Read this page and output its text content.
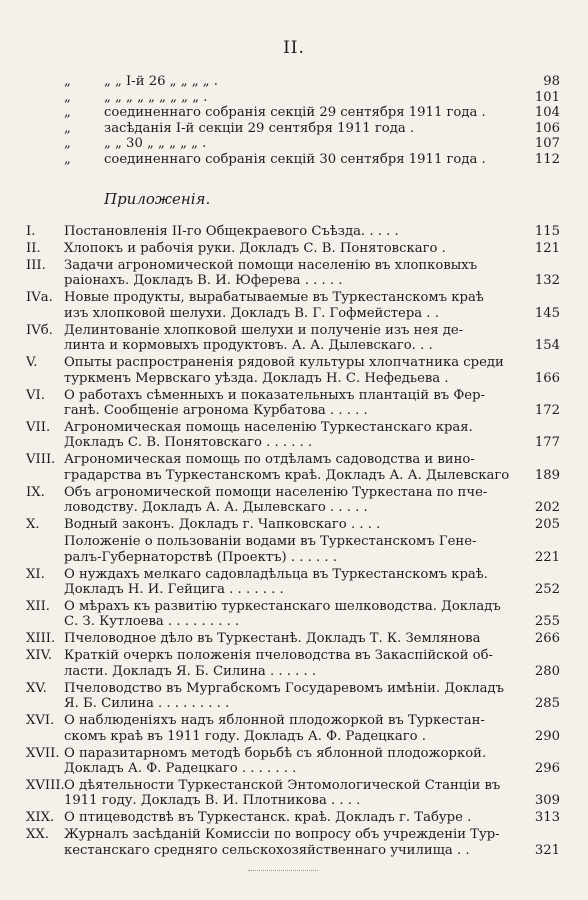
II.
„	„ „ I-й 26 „ „ „ „ .	98
„	„ „ „ „ „ „ „ „ „ .	101
„	соединеннаго собранія секцій 29 сентября 1911 года .	104
„	засѣданія I-й секціи 29 сентября 1911 года .	106
„	„ „ 30 „ „ „ „ „ .	107
„	соединеннаго собранія секцій 30 сентября 1911 года .	112
Приложенія.
I. Постановленія II-го Общекраевого Съѣзда. . . . .	115
II. Хлопокъ и рабочія руки. Докладъ С. В. Понятовскаго .	121
III. Задачи агрономической помощи населенію въ хлопковыхъ
раіонахъ. Докладъ В. И. Юферева . . . . .	132
IVа. Новые продукты, вырабатываемые въ Туркестанскомъ краѣ
изъ хлопковой шелухи. Докладъ В. Г. Гофмейстера . .	145
IVб. Делинтованіе хлопковой шелухи и полученіе изъ нея де-
линта и кормовыхъ продуктовъ. А. А. Дылевскаго. . .	154
V. Опыты распространенія рядовой культуры хлопчатника среди
туркменъ Мервскаго уѣзда. Докладъ Н. С. Нефедьева .	166
VI. О работахъ сѣменныхъ и показательныхъ плантацій въ Фер-
ганѣ. Сообщеніе агронома Курбатова . . . . .	172
VII. Агрономическая помощь населенію Туркестанскаго края.
Докладъ С. В. Понятовскаго . . . . . .	177
VIII. Агрономическая помощь по отдѣламъ садоводства и вино-
градарства въ Туркестанскомъ краѣ. Докладъ А. А. Дылевскаго 189
IX. Объ агрономической помощи населенію Туркестана по пче-
ловодству. Докладъ А. А. Дылевскаго . . . . .	202
X. Водный законъ. Докладъ г. Чапковскаго . . . .	205
Положеніе о пользованіи водами въ Туркестанскомъ Гене-
ралъ-Губернаторствѣ (Проектъ) . . . . . .	221
XI. О нуждахъ мелкаго садовладѣльца въ Туркестанскомъ краѣ.
Докладъ Н. И. Гейцига . . . . . . .	252
XII. О мѣрахъ къ развитію туркестанскаго шелководства. Докладъ
С. З. Кутлоева . . . . . . . . .	255
XIII. Пчеловодное дѣло въ Туркестанѣ. Докладъ Т. К. Землянова	266
XIV. Краткій очеркъ положенія пчеловодства въ Закаспійской об-
ласти. Докладъ Я. Б. Силина . . . . . .	280
XV. Пчеловодство въ Мургабскомъ Государевомъ имѣніи. Докладъ
Я. Б. Силина . . . . . . . . .	285
XVI. О наблюденіяхъ надъ яблонной плодожоркой въ Туркестан-
скомъ краѣ въ 1911 году. Докладъ А. Ф. Радецкаго .	290
XVII. О паразитарномъ методѣ борьбѣ съ яблонной плодожоркой.
Докладъ А. Ф. Радецкаго . . . . . . .	296
XVIII. О дѣятельности Туркестанской Энтомологической Станціи въ
1911 году. Докладъ В. И. Плотникова . . . .	309
XIX. О птицеводствѣ въ Туркестанск. краѣ. Докладъ г. Табуре .	313
XX. Журналъ засѣданій Комиссіи по вопросу объ учрежденіи Тур-
кестанскаго средняго сельскохозяйственнаго училища . .	321
